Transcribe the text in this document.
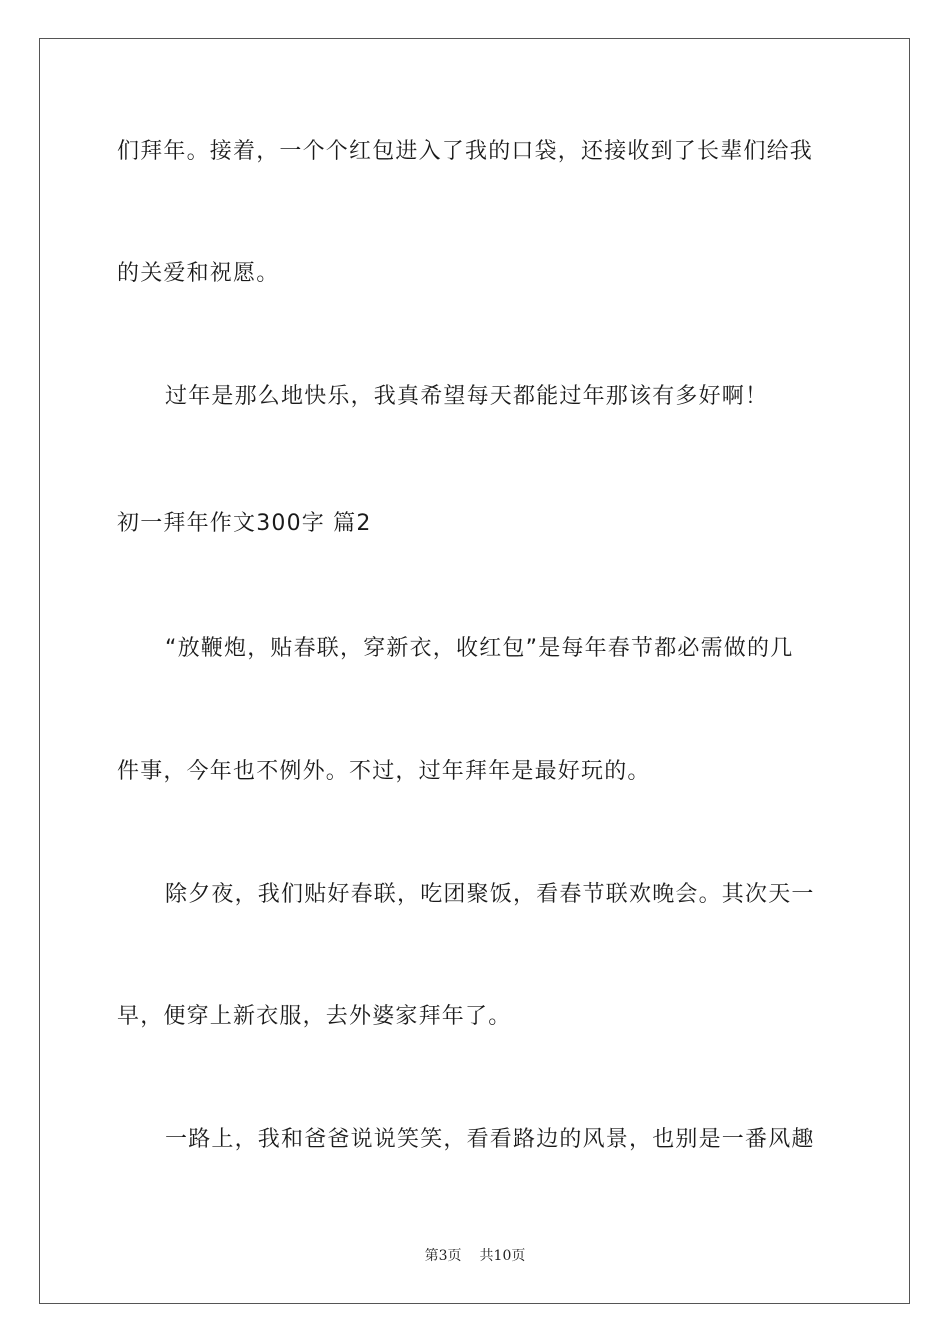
们拜年。接着，一个个红包进入了我的口袋，还接收到了长辈们给我
的关爱和祝愿。
过年是那么地快乐，我真希望每天都能过年那该有多好啊！
初一拜年作文300字 篇2
“放鞭炮，贴春联，穿新衣，收红包”是每年春节都必需做的几
件事，今年也不例外。不过，过年拜年是最好玩的。
除夕夜，我们贴好春联，吃团聚饭，看春节联欢晚会。其次天一
早，便穿上新衣服，去外婆家拜年了。
一路上，我和爸爸说说笑笑，看看路边的风景，也别是一番风趣
第3页 共10页
